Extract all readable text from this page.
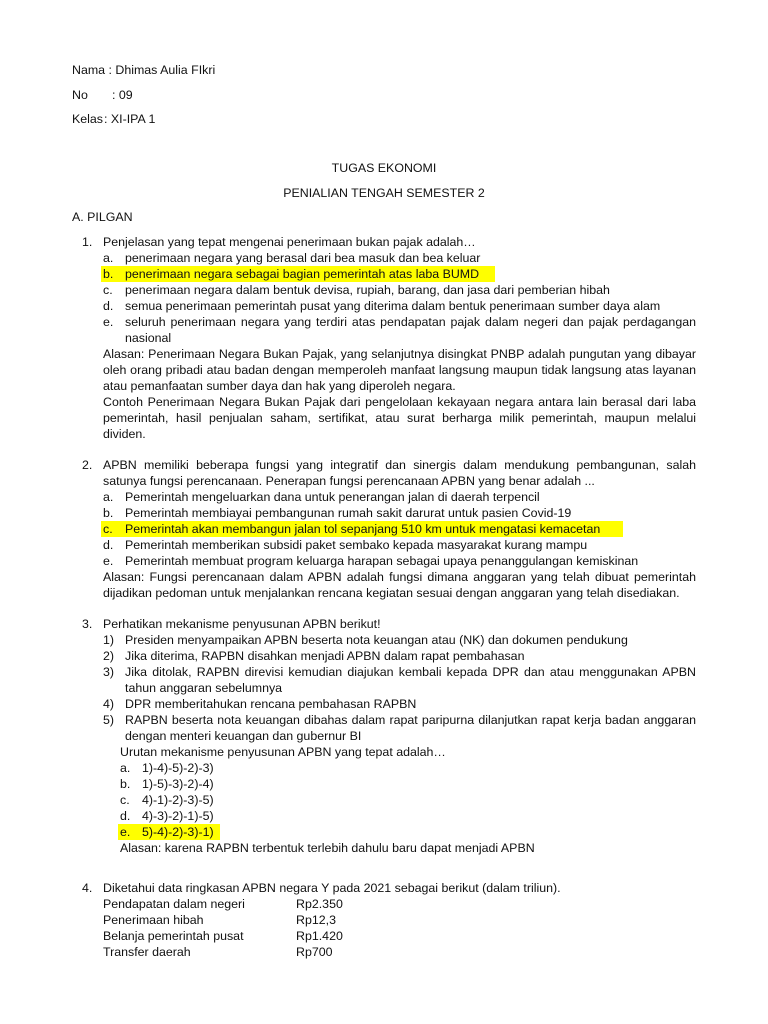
Nama : Dhimas Aulia FIkri
No : 09
Kelas : XI-IPA 1
TUGAS EKONOMI
PENIALIAN TENGAH SEMESTER 2
A. PILGAN
1. Penjelasan yang tepat mengenai penerimaan bukan pajak adalah…
a. penerimaan negara yang berasal dari bea masuk dan bea keluar
b. penerimaan negara sebagai bagian pemerintah atas laba BUMD
c. penerimaan negara dalam bentuk devisa, rupiah, barang, dan jasa dari pemberian hibah
d. semua penerimaan pemerintah pusat yang diterima dalam bentuk penerimaan sumber daya alam
e. seluruh penerimaan negara yang terdiri atas pendapatan pajak dalam negeri dan pajak perdagangan nasional
Alasan: Penerimaan Negara Bukan Pajak, yang selanjutnya disingkat PNBP adalah pungutan yang dibayar oleh orang pribadi atau badan dengan memperoleh manfaat langsung maupun tidak langsung atas layanan atau pemanfaatan sumber daya dan hak yang diperoleh negara.
Contoh Penerimaan Negara Bukan Pajak dari pengelolaan kekayaan negara antara lain berasal dari laba pemerintah, hasil penjualan saham, sertifikat, atau surat berharga milik pemerintah, maupun melalui dividen.
2. APBN memiliki beberapa fungsi yang integratif dan sinergis dalam mendukung pembangunan, salah satunya fungsi perencanaan. Penerapan fungsi perencanaan APBN yang benar adalah ...
a. Pemerintah mengeluarkan dana untuk penerangan jalan di daerah terpencil
b. Pemerintah membiayai pembangunan rumah sakit darurat untuk pasien Covid-19
c. Pemerintah akan membangun jalan tol sepanjang 510 km untuk mengatasi kemacetan
d. Pemerintah memberikan subsidi paket sembako kepada masyarakat kurang mampu
e. Pemerintah membuat program keluarga harapan sebagai upaya penanggulangan kemiskinan
Alasan: Fungsi perencanaan dalam APBN adalah fungsi dimana anggaran yang telah dibuat pemerintah dijadikan pedoman untuk menjalankan rencana kegiatan sesuai dengan anggaran yang telah disediakan.
3. Perhatikan mekanisme penyusunan APBN berikut!
1) Presiden menyampaikan APBN beserta nota keuangan atau (NK) dan dokumen pendukung
2) Jika diterima, RAPBN disahkan menjadi APBN dalam rapat pembahasan
3) Jika ditolak, RAPBN direvisi kemudian diajukan kembali kepada DPR dan atau menggunakan APBN tahun anggaran sebelumnya
4) DPR memberitahukan rencana pembahasan RAPBN
5) RAPBN beserta nota keuangan dibahas dalam rapat paripurna dilanjutkan rapat kerja badan anggaran dengan menteri keuangan dan gubernur BI
Urutan mekanisme penyusunan APBN yang tepat adalah…
a. 1)-4)-5)-2)-3)
b. 1)-5)-3)-2)-4)
c. 4)-1)-2)-3)-5)
d. 4)-3)-2)-1)-5)
e. 5)-4)-2)-3)-1)
Alasan: karena RAPBN terbentuk terlebih dahulu baru dapat menjadi APBN
4. Diketahui data ringkasan APBN negara Y pada 2021 sebagai berikut (dalam triliun).
Pendapatan dalam negeri	Rp2.350
Penerimaan hibah	Rp12,3
Belanja pemerintah pusat	Rp1.420
Transfer daerah	Rp700
